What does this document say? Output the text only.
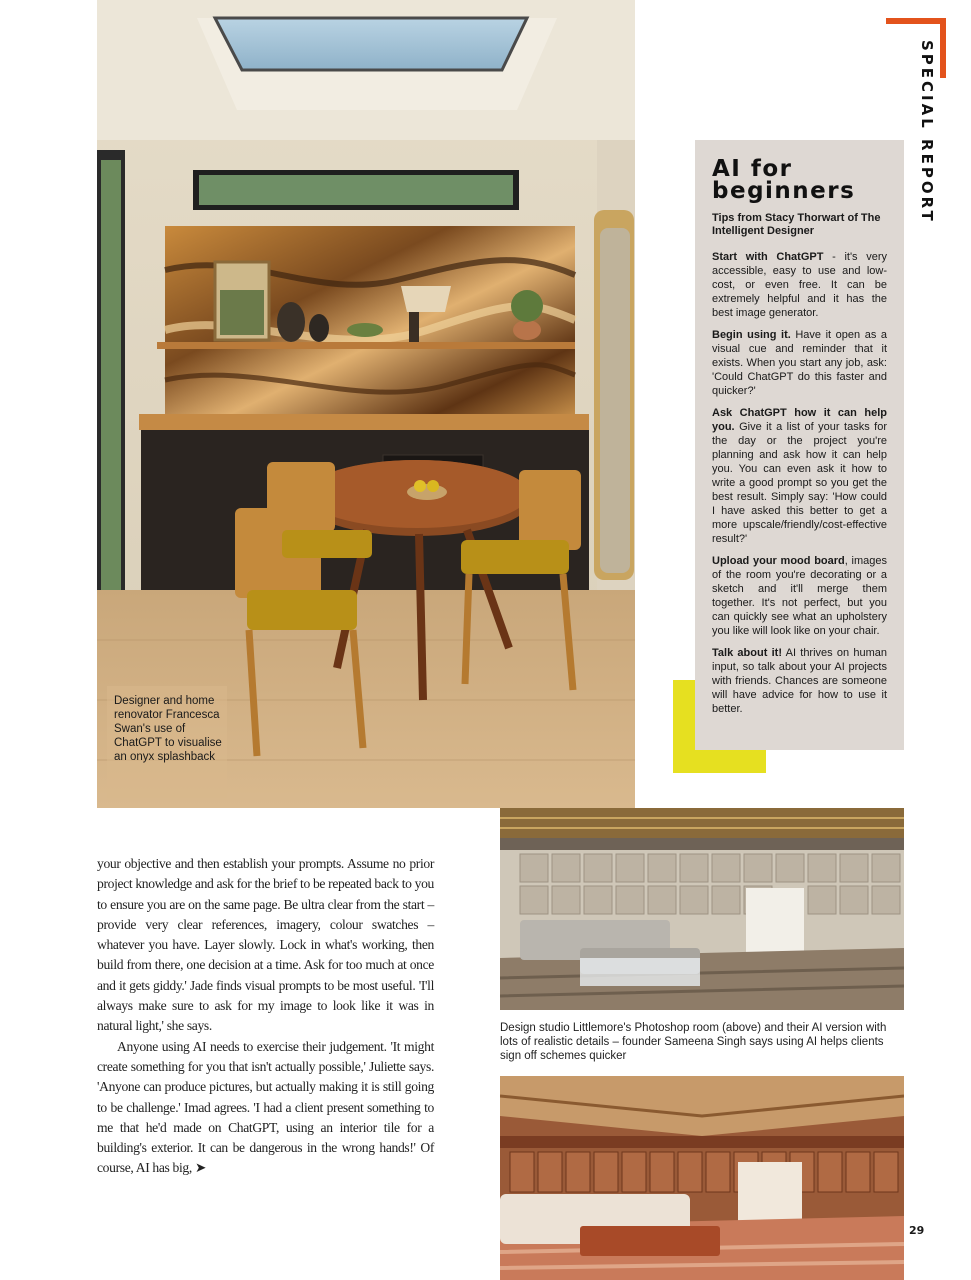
Designer and home renovator Francesca Swan's use of ChatGPT to visualise an onyx splashback
SPECIAL REPORT
AI for beginners
Tips from Stacy Thorwart of The Intelligent Designer

Start with ChatGPT - it's very accessible, easy to use and low-cost, or even free. It can be extremely helpful and it has the best image generator.

Begin using it. Have it open as a visual cue and reminder that it exists. When you start any job, ask: 'Could ChatGPT do this faster and quicker?'

Ask ChatGPT how it can help you. Give it a list of your tasks for the day or the project you're planning and ask how it can help you. You can even ask it how to write a good prompt so you get the best result. Simply say: 'How could I have asked this better to get a more upscale/friendly/cost-effective result?'

Upload your mood board, images of the room you're decorating or a sketch and it'll merge them together. It's not perfect, but you can quickly see what an upholstery you like will look like on your chair.

Talk about it! AI thrives on human input, so talk about your AI projects with friends. Chances are someone will have advice for how to use it better.

your objective and then establish your prompts. Assume no prior project knowledge and ask for the brief to be repeated back to you to ensure you are on the same page. Be ultra clear from the start – provide very clear references, imagery, colour swatches – whatever you have. Layer slowly. Lock in what's working, then build from there, one decision at a time. Ask for too much at once and it gets giddy.' Jade finds visual prompts to be most useful. 'I'll always make sure to ask for my image to look like it was in natural light,' she says.

Anyone using AI needs to exercise their judgement. 'It might create something for you that isn't actually possible,' Juliette says. 'Anyone can produce pictures, but actually making it is still going to be challenge.' Imad agrees. 'I had a client present something to me that he'd made on ChatGPT, using an interior tile for a building's exterior. It can be dangerous in the wrong hands!' Of course, AI has big, ➤

Design studio Littlemore's Photoshop room (above) and their AI version with lots of realistic details – founder Sameena Singh says using AI helps clients sign off schemes quicker
29
